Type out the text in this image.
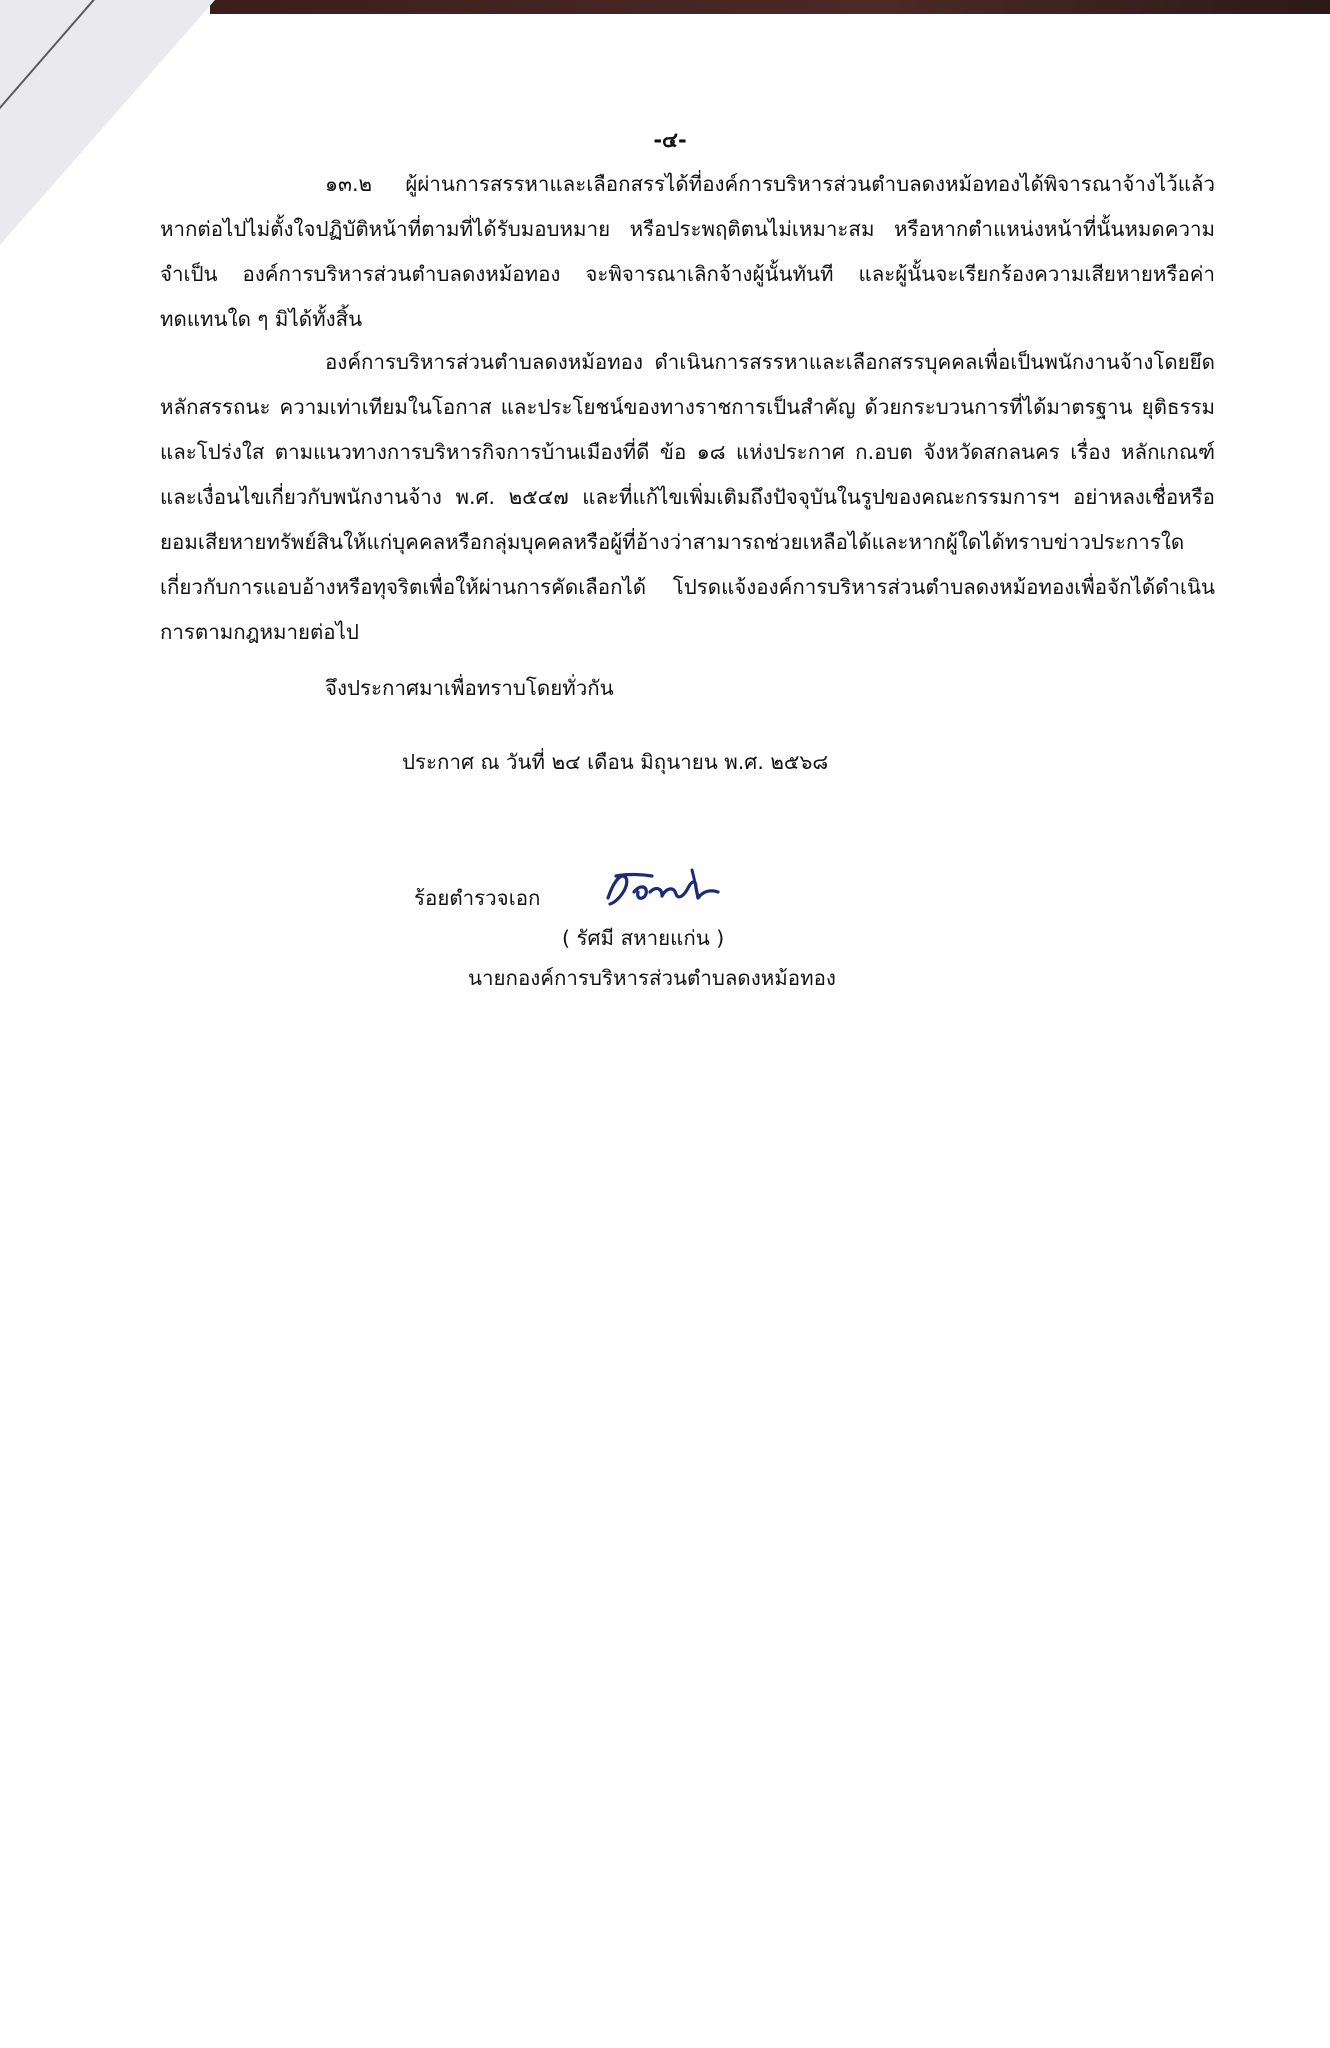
-๔-

๑๓.๒ ผู้ผ่านการสรรหาและเลือกสรรได้ที่องค์การบริหารส่วนตำบลดงหม้อทองได้พิจารณาจ้างไว้แล้วหากต่อไปไม่ตั้งใจปฏิบัติหน้าที่ตามที่ได้รับมอบหมาย หรือประพฤติตนไม่เหมาะสม หรือหากตำแหน่งหน้าที่นั้นหมดความจำเป็น องค์การบริหารส่วนตำบลดงหม้อทอง จะพิจารณาเลิกจ้างผู้นั้นทันที และผู้นั้นจะเรียกร้องความเสียหายหรือค่าทดแทนใด ๆ มิได้ทั้งสิ้น

องค์การบริหารส่วนตำบลดงหม้อทอง ดำเนินการสรรหาและเลือกสรรบุคคลเพื่อเป็นพนักงานจ้างโดยยึดหลักสรรถนะ ความเท่าเทียมในโอกาส และประโยชน์ของทางราชการเป็นสำคัญ ด้วยกระบวนการที่ได้มาตรฐาน ยุติธรรม และโปร่งใส ตามแนวทางการบริหารกิจการบ้านเมืองที่ดี ข้อ ๑๘ แห่งประกาศ ก.อบต จังหวัดสกลนคร เรื่อง หลักเกณฑ์และเงื่อนไขเกี่ยวกับพนักงานจ้าง พ.ศ. ๒๕๔๗ และที่แก้ไขเพิ่มเติมถึงปัจจุบันในรูปของคณะกรรมการฯ อย่าหลงเชื่อหรือยอมเสียหายทรัพย์สินให้แก่บุคคลหรือกลุ่มบุคคลหรือผู้ที่อ้างว่าสามารถช่วยเหลือได้และหากผู้ใดได้ทราบข่าวประการใดเกี่ยวกับการแอบอ้างหรือทุจริตเพื่อให้ผ่านการคัดเลือกได้ โปรดแจ้งองค์การบริหารส่วนตำบลดงหม้อทองเพื่อจักได้ดำเนินการตามกฎหมายต่อไป

จึงประกาศมาเพื่อทราบโดยทั่วกัน
ประกาศ ณ วันที่ ๒๔ เดือน มิถุนายน พ.ศ. ๒๕๖๘
ร้อยตำรวจเอก
( รัศมี สหายแก่น )
นายกองค์การบริหารส่วนตำบลดงหม้อทอง
